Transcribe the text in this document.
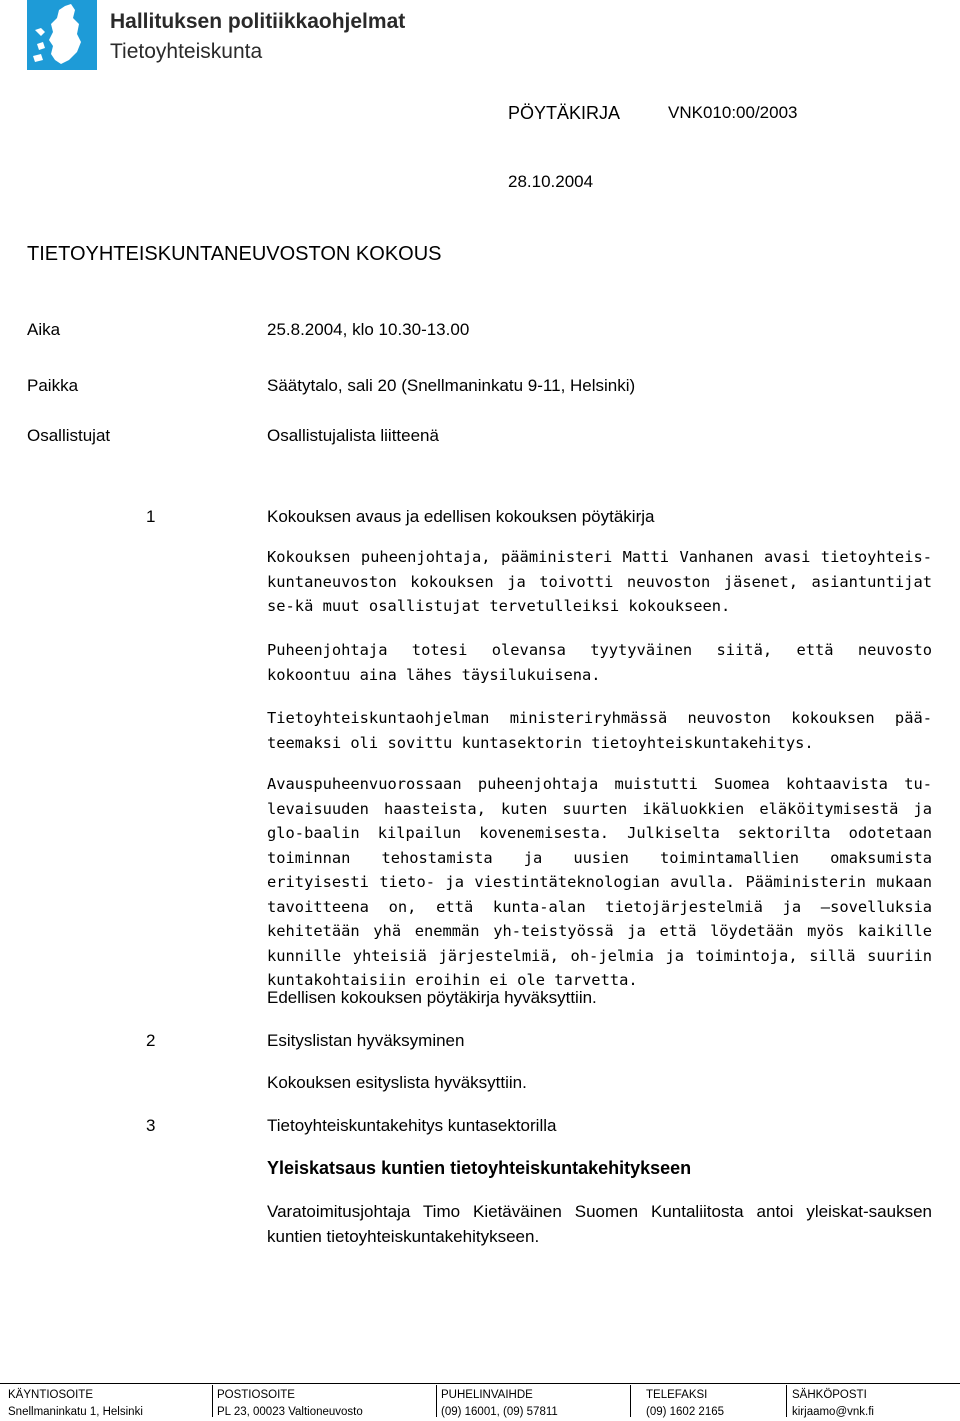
Hallituksen politiikkaohjelmat
Tietoyhteiskunta
PÖYTÄKIRJA	VNK010:00/2003
28.10.2004
TIETOYHTEISKUNTANEUVOSTON KOKOUS
Aika	25.8.2004, klo 10.30-13.00
Paikka	Säätytalo, sali 20 (Snellmaninkatu 9-11, Helsinki)
Osallistujat	Osallistujalista liitteenä
1	Kokouksen avaus ja edellisen kokouksen pöytäkirja

Kokouksen puheenjohtaja, pääministeri Matti Vanhanen avasi tietoyhteis-kuntaneuvoston kokouksen ja toivotti neuvoston jäsenet, asiantuntijat se-kä muut osallistujat tervetulleiksi kokoukseen.

Puheenjohtaja totesi olevansa tyytyväinen siitä, että neuvosto kokoontuu aina lähes täysilukuisena.

Tietoyhteiskuntaohjelman ministeriryhmässä neuvoston kokouksen pää-teemaksi oli sovittu kuntasektorin tietoyhteiskuntakehitys.

Avauspuheenvuorossaan puheenjohtaja muistutti Suomea kohtaavista tu-levaisuuden haasteista, kuten suurten ikäluokkien eläköitymisestä ja glo-baalin kilpailun kovenemisesta. Julkiselta sektorilta odotetaan toiminnan tehostamista ja uusien toimintamallien omaksumista erityisesti tieto- ja viestintäteknologian avulla. Pääministerin mukaan tavoitteena on, että kunta-alan tietojärjestelmiä ja –sovelluksia kehitetään yhä enemmän yh-teistyössä ja että löydetään myös kaikille kunnille yhteisiä järjestelmiä, oh-jelmia ja toimintoja, sillä suuriin kuntakohtaisiin eroihin ei ole tarvetta.

Edellisen kokouksen pöytäkirja hyväksyttiin.
2	Esityslistan hyväksyminen
Kokouksen esityslista hyväksyttiin.
3	Tietoyhteiskuntakehitys kuntasektorilla
Yleiskatsaus kuntien tietoyhteiskuntakehitykseen

Varatoimitusjohtaja Timo Kietäväinen Suomen Kuntaliitosta antoi yleiskat-sauksen kuntien tietoyhteiskuntakehitykseen.

KÄYNTIOSOITE
Snellmaninkatu 1, Helsinki
POSTIOSOITE
PL 23, 00023 Valtioneuvosto
PUHELINVAIHDE
(09) 16001, (09) 57811
TELEFAKSI
(09) 1602 2165
SÄHKÖPOSTI
kirjaamo@vnk.fi
